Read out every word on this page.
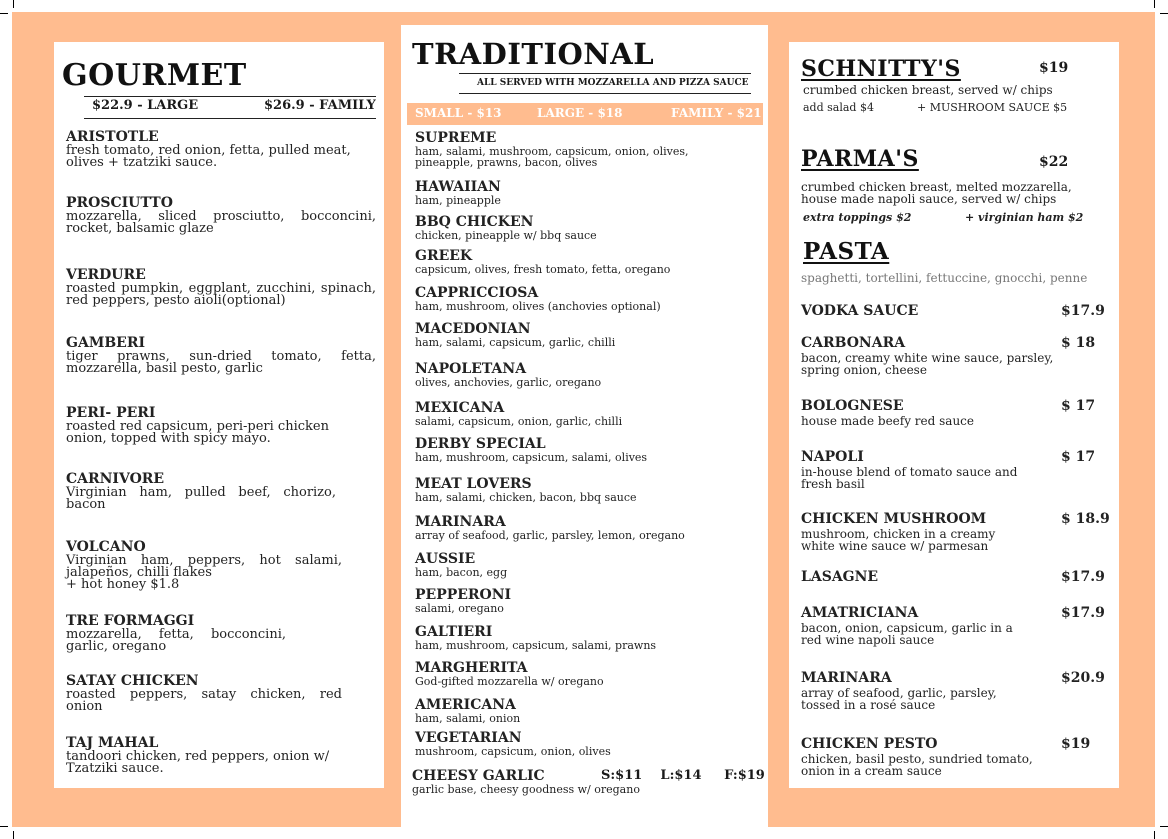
GOURMET
$22.9 - LARGE	$26.9 - FAMILY
ARISTOTLE
fresh tomato, red onion, fetta, pulled meat, olives + tzatziki sauce.
PROSCIUTTO
mozzarella, sliced prosciutto, bocconcini, rocket, balsamic glaze
VERDURE
roasted pumpkin, eggplant, zucchini, spinach, red peppers, pesto aioli(optional)
GAMBERI
tiger prawns, sun-dried tomato, fetta, mozzarella, basil pesto, garlic
PERI- PERI
roasted red capsicum, peri-peri chicken onion, topped with spicy mayo.
CARNIVORE
Virginian ham, pulled beef, chorizo, bacon
VOLCANO
Virginian ham, peppers, hot salami, jalapeños, chilli flakes
+ hot honey $1.8
TRE FORMAGGI
mozzarella, fetta, bocconcini, garlic, oregano
SATAY CHICKEN
roasted peppers, satay chicken, red onion
TAJ MAHAL
tandoori chicken, red peppers, onion w/ Tzatziki sauce.
TRADITIONAL
ALL SERVED WITH MOZZARELLA AND PIZZA SAUCE
SMALL - $13	LARGE - $18	FAMILY - $21
SUPREME
ham, salami, mushroom, capsicum, onion, olives, pineapple, prawns, bacon, olives
HAWAIIAN
ham, pineapple
BBQ CHICKEN
chicken, pineapple w/ bbq sauce
GREEK
capsicum, olives, fresh tomato, fetta, oregano
CAPPRICCIOSA
ham, mushroom, olives (anchovies optional)
MACEDONIAN
ham, salami, capsicum, garlic, chilli
NAPOLETANA
olives, anchovies, garlic, oregano
MEXICANA
salami, capsicum, onion, garlic, chilli
DERBY SPECIAL
ham, mushroom, capsicum, salami, olives
MEAT LOVERS
ham, salami, chicken, bacon, bbq sauce
MARINARA
array of seafood, garlic, parsley, lemon, oregano
AUSSIE
ham, bacon, egg
PEPPERONI
salami, oregano
GALTIERI
ham, mushroom, capsicum, salami, prawns
MARGHERITA
God-gifted mozzarella w/ oregano
AMERICANA
ham, salami, onion
VEGETARIAN
mushroom, capsicum, onion, olives
CHEESY GARLIC
garlic base, cheesy goodness w/ oregano
S:$11    L:$14     F:$19
SCHNITTY'S	$19
crumbed chicken breast, served w/ chips
add salad $4	+ MUSHROOM SAUCE $5
PARMA'S	$22
crumbed chicken breast, melted mozzarella, house made napoli sauce, served w/ chips
extra toppings $2	+ virginian ham $2
PASTA
spaghetti, tortellini, fettuccine, gnocchi, penne
VODKA SAUCE	$17.9
CARBONARA	$ 18
bacon, creamy white wine sauce, parsley, spring onion, cheese
BOLOGNESE	$ 17
house made beefy red sauce
NAPOLI	$ 17
in-house blend of tomato sauce and fresh basil
CHICKEN MUSHROOM	$ 18.9
mushroom, chicken in a creamy white wine sauce w/ parmesan
LASAGNE	$17.9
AMATRICIANA	$17.9
bacon, onion, capsicum, garlic in a red wine napoli sauce
MARINARA	$20.9
array of seafood, garlic, parsley, tossed in a rosé sauce
CHICKEN PESTO	$19
chicken, basil pesto, sundried tomato, onion in a cream sauce
